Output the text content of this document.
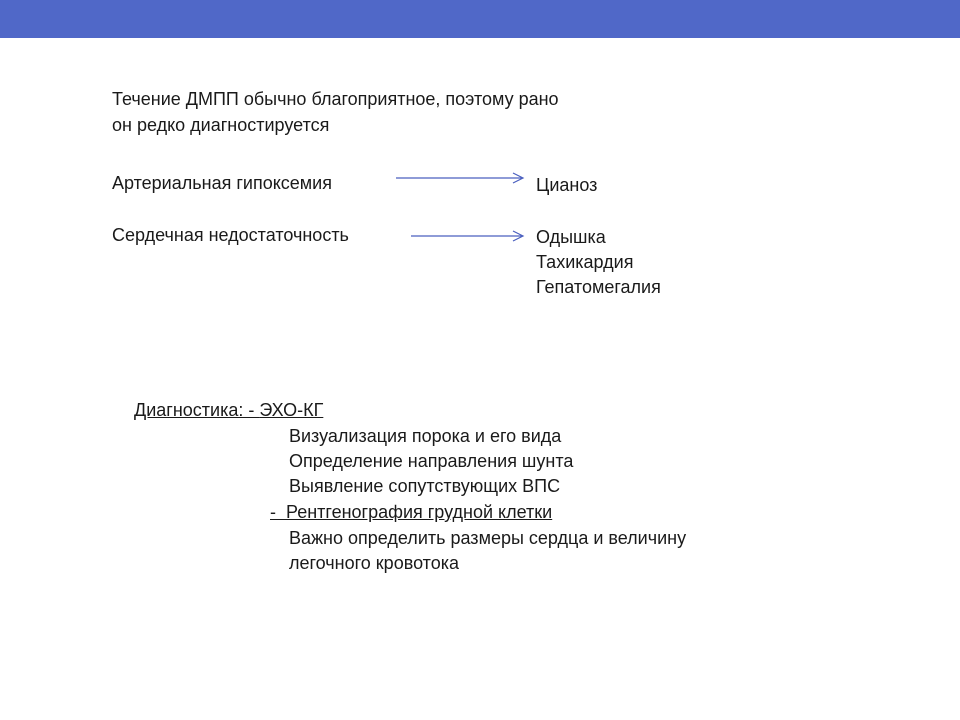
Течение ДМПП обычно благоприятное, поэтому рано
он редко диагностируется
Артериальная гипоксемия	Цианоз
Сердечная недостаточность	Одышка
Тахикардия
Гепатомегалия
Диагностика: - ЭХО-КГ
Визуализация порока и его вида
Определение направления шунта
Выявление сопутствующих ВПС
-  Рентгенография грудной клетки
Важно определить размеры сердца и величину
легочного кровотока
